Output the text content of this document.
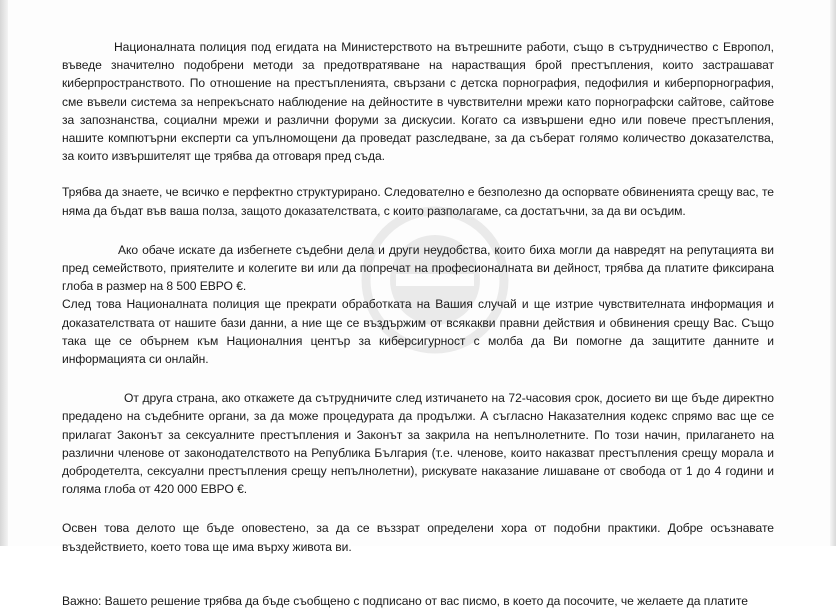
Националната полиция под егидата на Министерството на вътрешните работи, също в сътрудничество с Европол, въведе значително подобрени методи за предотвратяване на нарастващия брой престъпления, които застрашават киберпространството. По отношение на престъпленията, свързани с детска порнография, педофилия и киберпорнография, сме въвели система за непрекъснато наблюдение на дейностите в чувствителни мрежи като порнографски сайтове, сайтове за запознанства, социални мрежи и различни форуми за дискусии. Когато са извършени едно или повече престъпления, нашите компютърни експерти са упълномощени да проведат разследване, за да съберат голямо количество доказателства, за които извършителят ще трябва да отговаря пред съда.

Трябва да знаете, че всичко е перфектно структурирано. Следователно е безполезно да оспорвате обвиненията срещу вас, те няма да бъдат във ваша полза, защото доказателствата, с които разполагаме, са достатъчни, за да ви осъдим.

Ако обаче искате да избегнете съдебни дела и други неудобства, които биха могли да навредят на репутацията ви пред семейството, приятелите и колегите ви или да попречат на професионалната ви дейност, трябва да платите фиксирана глоба в размер на 8 500 ЕВРО €.

След това Националната полиция ще прекрати обработката на Вашия случай и ще изтрие чувствителната информация и доказателствата от нашите бази данни, а ние ще се въздържим от всякакви правни действия и обвинения срещу Вас. Също така ще се обърнем към Националния център за киберсигурност с молба да Ви помогне да защитите данните и информацията си онлайн.

От друга страна, ако откажете да сътрудничите след изтичането на 72-часовия срок, досието ви ще бъде директно предадено на съдебните органи, за да може процедурата да продължи. А съгласно Наказателния кодекс спрямо вас ще се прилагат Законът за сексуалните престъпления и Законът за закрила на непълнолетните. По този начин, прилагането на различни членове от законодателството на Република България (т.е. членове, които наказват престъпления срещу морала и добродетелта, сексуални престъпления срещу непълнолетни), рискувате наказание лишаване от свобода от 1 до 4 години и голяма глоба от 420 000 ЕВРО €.

Освен това делото ще бъде оповестено, за да се въззрат определени хора от подобни практики. Добре осъзнавате въздействието, което това ще има върху живота ви.

Важно: Вашето решение трябва да бъде съобщено с подписано от вас писмо, в което да посочите, че желаете да платите
